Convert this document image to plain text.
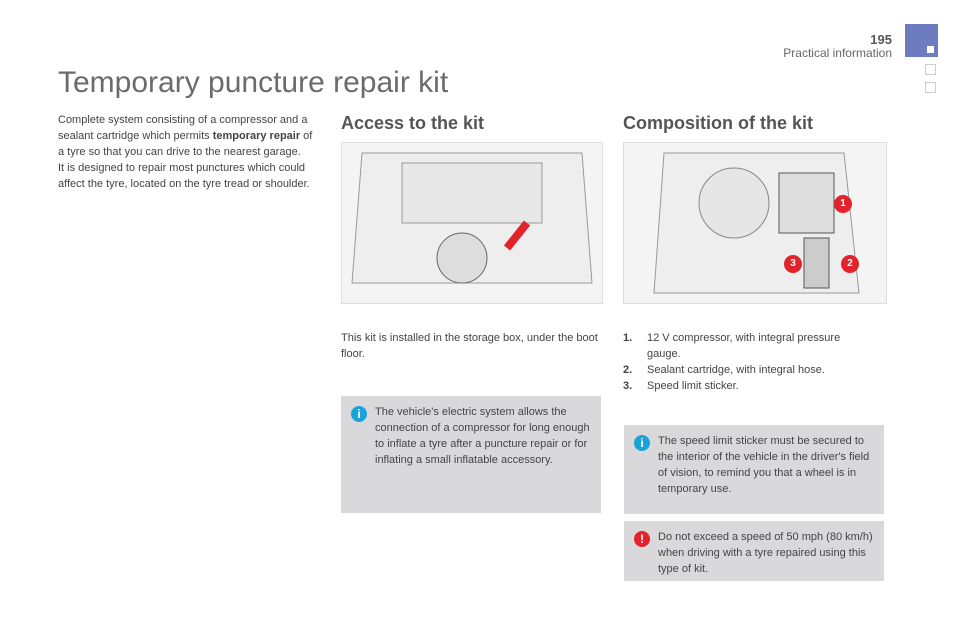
195
Practical information
Temporary puncture repair kit
Complete system consisting of a compressor and a sealant cartridge which permits temporary repair of a tyre so that you can drive to the nearest garage.
It is designed to repair most punctures which could affect the tyre, located on the tyre tread or shoulder.
Access to the kit
This kit is installed in the storage box, under the boot floor.
i	The vehicle's electric system allows the connection of a compressor for long enough to inflate a tyre after a puncture repair or for inflating a small inflatable accessory.
Composition of the kit
1
2
3
1.	12 V compressor, with integral pressure gauge.
2.	Sealant cartridge, with integral hose.
3.	Speed limit sticker.
i	The speed limit sticker must be secured to the interior of the vehicle in the driver's field of vision, to remind you that a wheel is in temporary use.
!	Do not exceed a speed of 50 mph (80 km/h) when driving with a tyre repaired using this type of kit.
